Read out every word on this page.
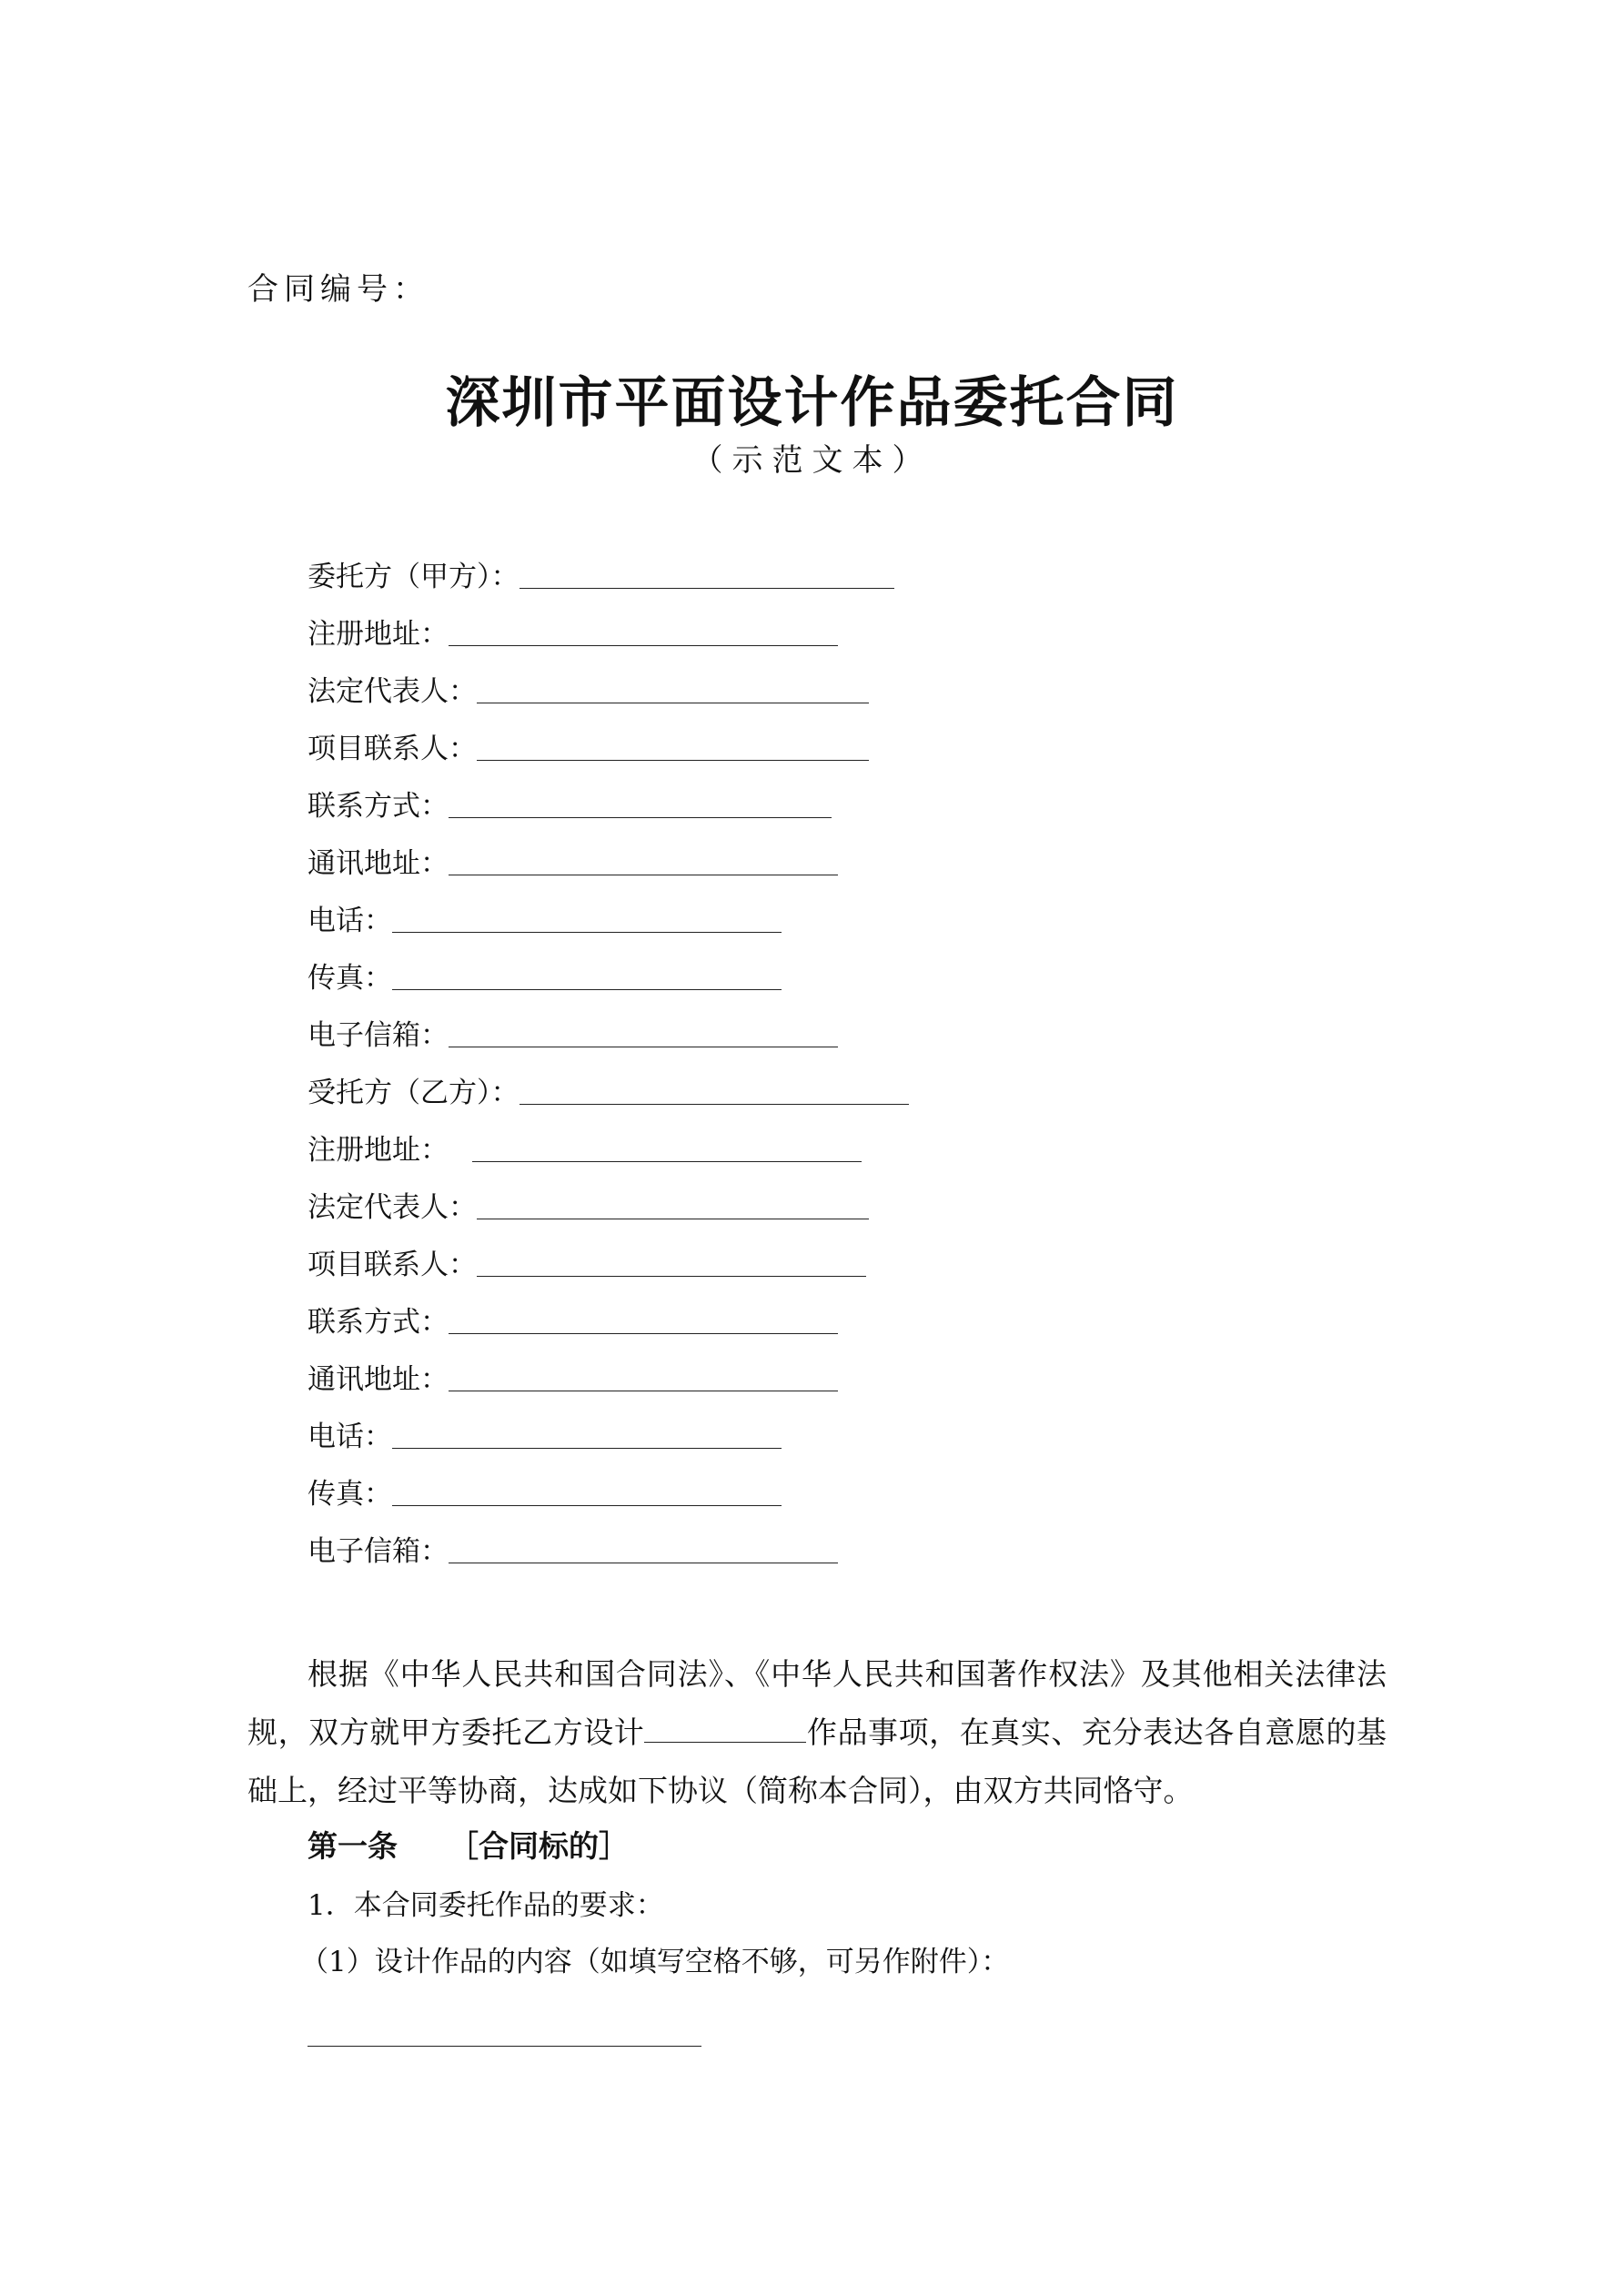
合同编号：
深圳市平面设计作品委托合同
（示范文本）
委托方（甲方）：
注册地址：
法定代表人：
项目联系人：
联系方式：
通讯地址：
电话：
传真：
电子信箱：
受托方（乙方）：
注册地址：
法定代表人：
项目联系人：
联系方式：
通讯地址：
电话：
传真：
电子信箱：
根据《中华人民共和国合同法》、《中华人民共和国著作权法》及其他相关法律法规，双方就甲方委托乙方设计	作品事项，在真实、充分表达各自意愿的基础上，经过平等协商，达成如下协议（简称本合同），由双方共同恪守。
第一条 ［合同标的］
1．本合同委托作品的要求：
（1）设计作品的内容（如填写空格不够，可另作附件）：
